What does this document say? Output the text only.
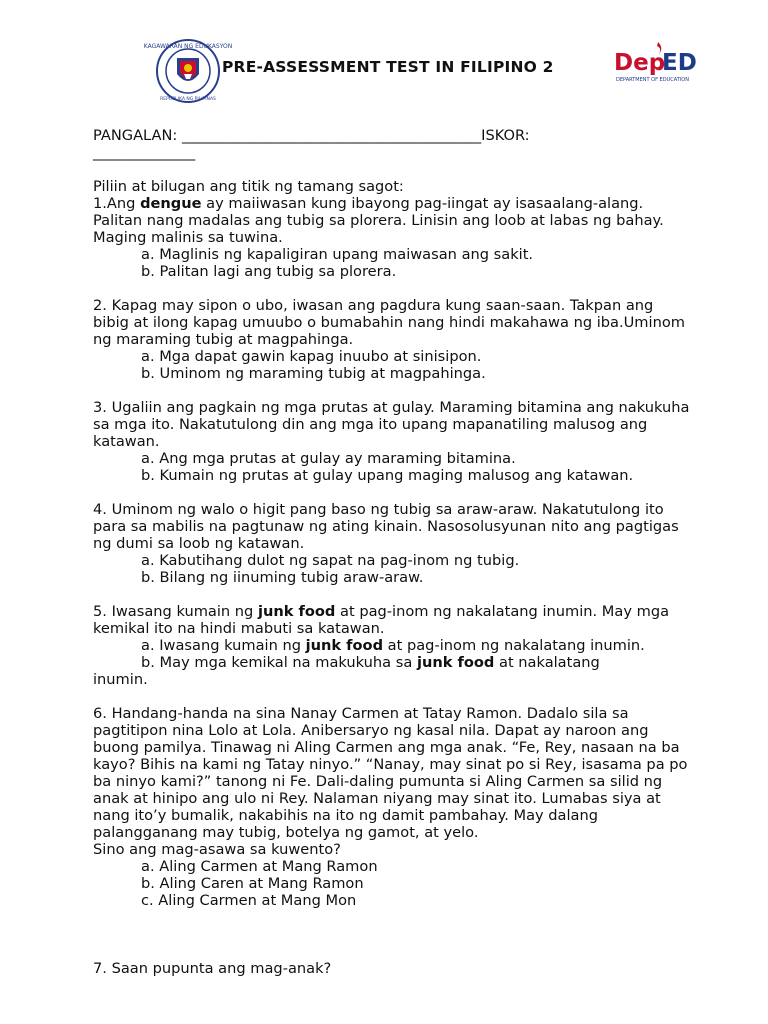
KAGAWARAN NG EDUKASYON
REPUBLIKA NG PILIPINAS
PRE-ASSESSMENT TEST IN FILIPINO 2	Dep
ED
DEPARTMENT OF EDUCATION

PANGALAN: _________________________________________ISKOR:

______________

Piliin at bilugan ang titik ng tamang sagot:

1.Ang dengue ay maiiwasan kung ibayong pag-iingat ay isasaalang-alang. Palitan nang madalas ang tubig sa plorera. Linisin ang loob at labas ng bahay. Maging malinis sa tuwina.

a. Maglinis ng kapaligiran upang maiwasan ang sakit.

b. Palitan lagi ang tubig sa plorera.

2. Kapag may sipon o ubo, iwasan ang pagdura kung saan-saan. Takpan ang bibig at ilong kapag umuubo o bumabahin nang hindi makahawa ng iba.Uminom ng maraming tubig at magpahinga.

a. Mga dapat gawin kapag inuubo at sinisipon.

b. Uminom ng maraming tubig at magpahinga.

3. Ugaliin ang pagkain ng mga prutas at gulay. Maraming bitamina ang nakukuha sa mga ito. Nakatutulong din ang mga ito upang mapanatiling malusog ang katawan.

a. Ang mga prutas at gulay ay maraming bitamina.

b. Kumain ng prutas at gulay upang maging malusog ang katawan.

4. Uminom ng walo o higit pang baso ng tubig sa araw-araw. Nakatutulong ito para sa mabilis na pagtunaw ng ating kinain. Nasosolusyunan nito ang pagtigas ng dumi sa loob ng katawan.

a. Kabutihang dulot ng sapat na pag-inom ng tubig.

b. Bilang ng iinuming tubig araw-araw.

5. Iwasang kumain ng junk food at pag-inom ng nakalatang inumin. May mga kemikal ito na hindi mabuti sa katawan.

a. Iwasang kumain ng junk food at pag-inom ng nakalatang inumin.

b. May mga kemikal na makukuha sa junk food at nakalatang

inumin.

6. Handang-handa na sina Nanay Carmen at Tatay Ramon. Dadalo sila sa pagtitipon nina Lolo at Lola. Anibersaryo ng kasal nila. Dapat ay naroon ang buong pamilya. Tinawag ni Aling Carmen ang mga anak. “Fe, Rey, nasaan na ba kayo? Bihis na kami ng Tatay ninyo.” “Nanay, may sinat po si Rey, isasama pa po ba ninyo kami?” tanong ni Fe. Dali-daling pumunta si Aling Carmen sa silid ng anak at hinipo ang ulo ni Rey. Nalaman niyang may sinat ito. Lumabas siya at nang ito’y bumalik, nakabihis na ito ng damit pambahay. May dalang palangganang may tubig, botelya ng gamot, at yelo.

Sino ang mag-asawa sa kuwento?

a. Aling Carmen at Mang Ramon

b. Aling Caren at Mang Ramon

c. Aling Carmen at Mang Mon

7. Saan pupunta ang mag-anak?
